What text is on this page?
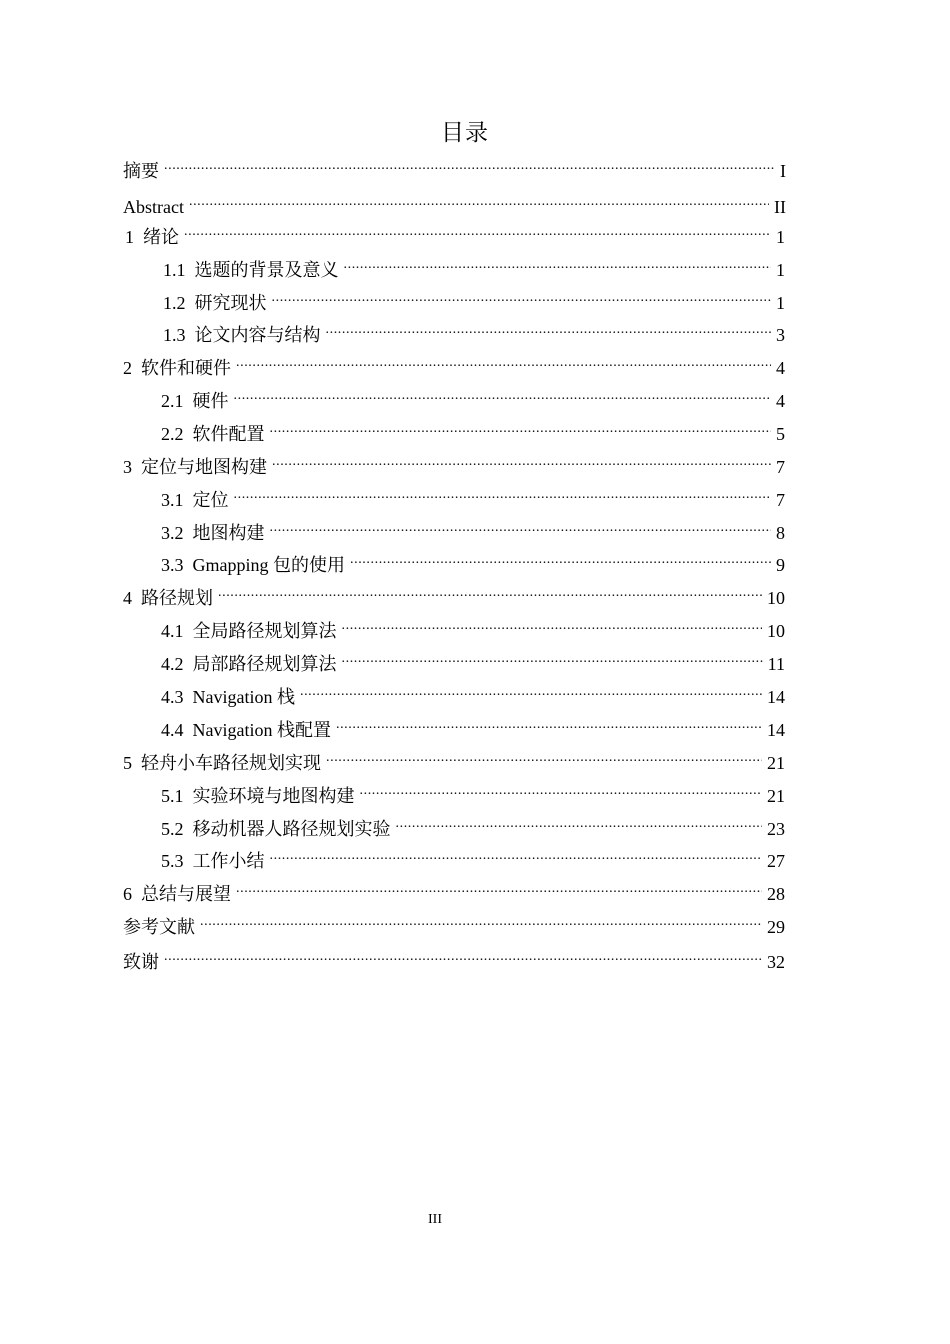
目录
摘要 .....	I
Abstract .....	II
1 绪论 .....	1
1.1 选题的背景及意义 .....	1
1.2 研究现状 .....	1
1.3 论文内容与结构 .....	3
2 软件和硬件 .....	4
2.1 硬件 .....	4
2.2 软件配置 .....	5
3 定位与地图构建 .....	7
3.1 定位 .....	7
3.2 地图构建 .....	8
3.3 Gmapping 包的使用 .....	9
4 路径规划 .....	10
4.1 全局路径规划算法 .....	10
4.2 局部路径规划算法 .....	11
4.3 Navigation 栈 .....	14
4.4 Navigation 栈配置 .....	14
5 轻舟小车路径规划实现 .....	21
5.1 实验环境与地图构建 .....	21
5.2 移动机器人路径规划实验 .....	23
5.3 工作小结 .....	27
6 总结与展望 .....	28
参考文献 .....	29
致谢 .....	32
III
